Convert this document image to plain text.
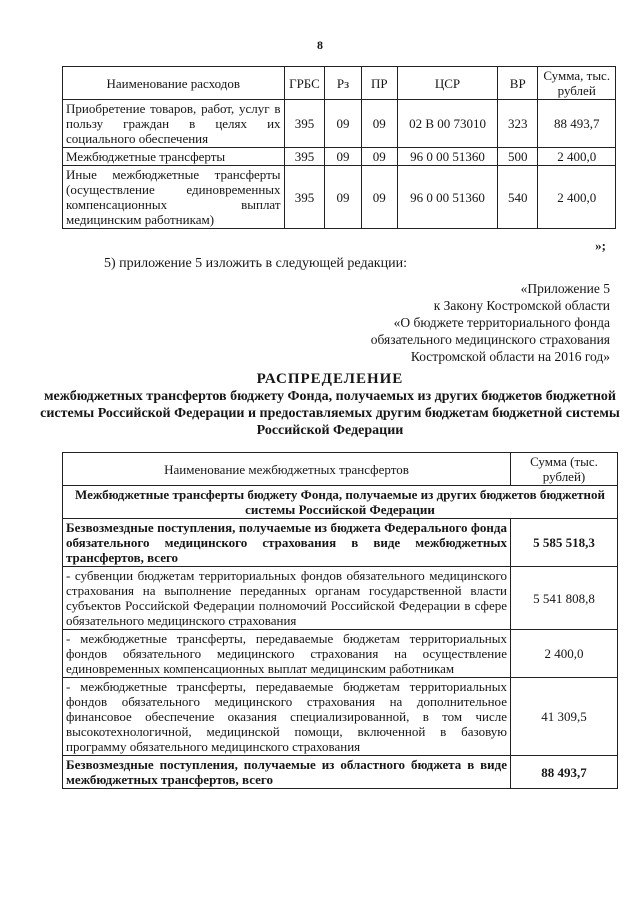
8
Наименование расходов	ГРБС	Рз	ПР	ЦСР	ВР	Сумма, тыс. рублей
Приобретение товаров, работ, услуг в пользу граждан в целях их социального обеспечения	395	09	09	02 В 00 73010	323	88 493,7
Межбюджетные трансферты	395	09	09	96 0 00 51360	500	2 400,0
Иные межбюджетные трансферты (осуществление единовременных компенсационных выплат медицинским работникам)	395	09	09	96 0 00 51360	540	2 400,0
»;
5) приложение 5 изложить в следующей редакции:
«Приложение 5
к Закону Костромской области
«О бюджете территориального фонда
обязательного медицинского страхования
Костромской области на 2016 год»
РАСПРЕДЕЛЕНИЕ
межбюджетных трансфертов бюджету Фонда, получаемых из других бюджетов бюджетной системы Российской Федерации и предоставляемых другим бюджетам бюджетной системы Российской Федерации
Наименование межбюджетных трансфертов	Сумма (тыс. рублей)
Межбюджетные трансферты бюджету Фонда, получаемые из других бюджетов бюджетной системы Российской Федерации	
Безвозмездные поступления, получаемые из бюджета Федерального фонда обязательного медицинского страхования в виде межбюджетных трансфертов, всего	5 585 518,3
- субвенции бюджетам территориальных фондов обязательного медицинского страхования на выполнение переданных органам государственной власти субъектов Российской Федерации полномочий Российской Федерации в сфере обязательного медицинского страхования	5 541 808,8
- межбюджетные трансферты, передаваемые бюджетам территориальных фондов обязательного медицинского страхования на осуществление единовременных компенсационных выплат медицинским работникам	2 400,0
- межбюджетные трансферты, передаваемые бюджетам территориальных фондов обязательного медицинского страхования на дополнительное финансовое обеспечение оказания специализированной, в том числе высокотехнологичной, медицинской помощи, включенной в базовую программу обязательного медицинского страхования	41 309,5
Безвозмездные поступления, получаемые из областного бюджета в виде межбюджетных трансфертов, всего	88 493,7
